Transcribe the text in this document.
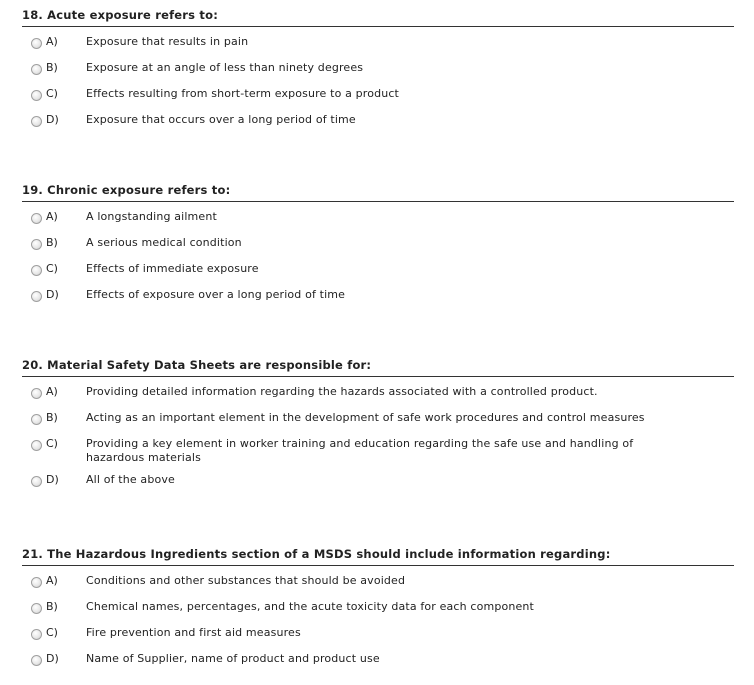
18. Acute exposure refers to:
A)	Exposure that results in pain
B)	Exposure at an angle of less than ninety degrees
C)	Effects resulting from short-term exposure to a product
D)	Exposure that occurs over a long period of time
19. Chronic exposure refers to:
A)	A longstanding ailment
B)	A serious medical condition
C)	Effects of immediate exposure
D)	Effects of exposure over a long period of time
20. Material Safety Data Sheets are responsible for:
A)	Providing detailed information regarding the hazards associated with a controlled product.
B)	Acting as an important element in the development of safe work procedures and control measures
C)	Providing a key element in worker training and education regarding the safe use and handling of hazardous materials
D)	All of the above
21. The Hazardous Ingredients section of a MSDS should include information regarding:
A)	Conditions and other substances that should be avoided
B)	Chemical names, percentages, and the acute toxicity data for each component
C)	Fire prevention and first aid measures
D)	Name of Supplier, name of product and product use
